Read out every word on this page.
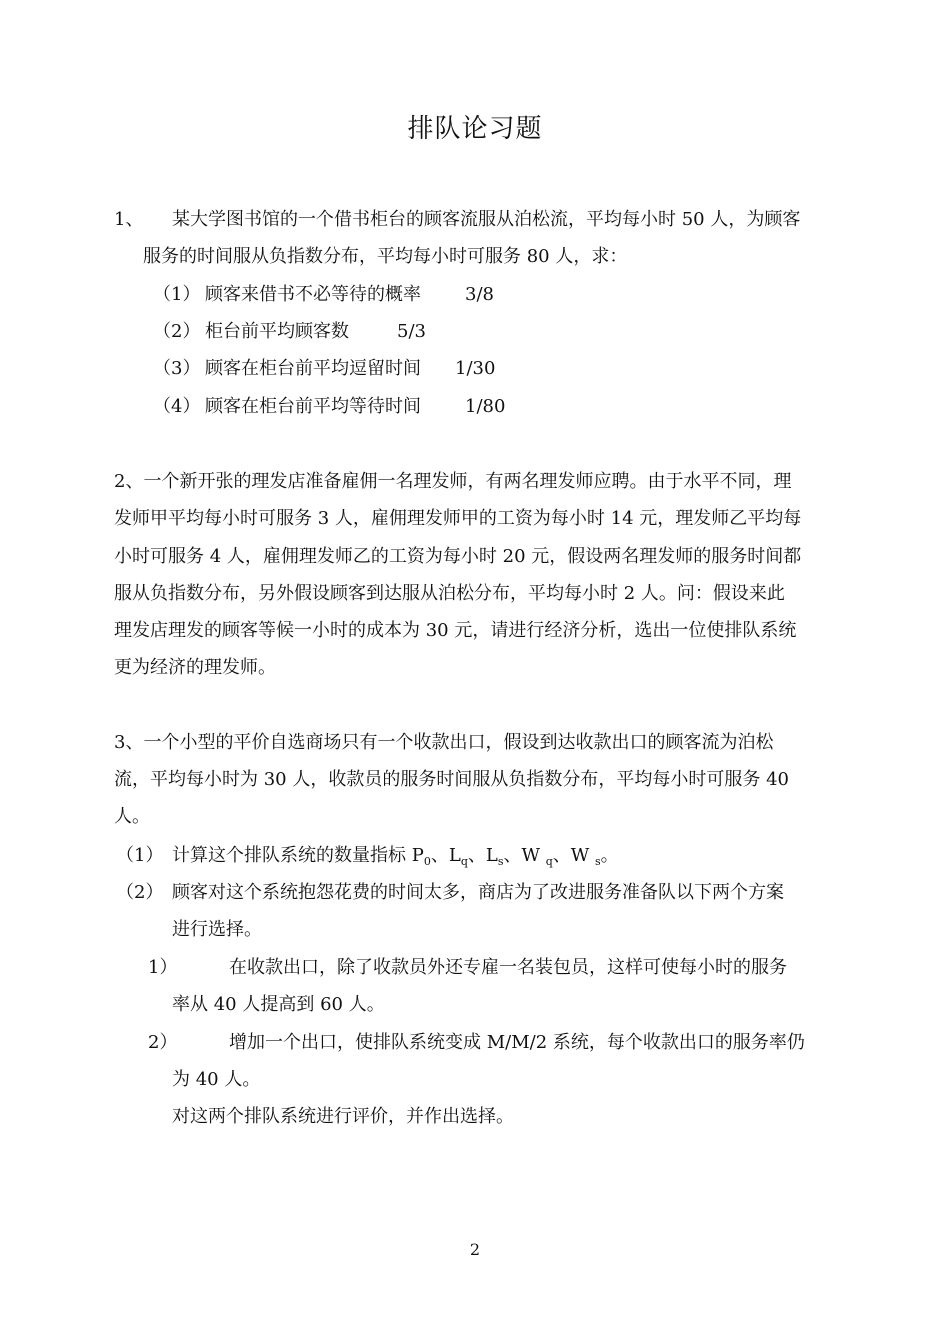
排队论习题
1、 某大学图书馆的一个借书柜台的顾客流服从泊松流，平均每小时 50 人，为顾客
服务的时间服从负指数分布，平均每小时可服务 80 人，求：
（1） 顾客来借书不必等待的概率 3/8
（2） 柜台前平均顾客数	5/3
（3） 顾客在柜台前平均逗留时间 1/30
（4） 顾客在柜台前平均等待时间 1/80
2、一个新开张的理发店准备雇佣一名理发师，有两名理发师应聘。由于水平不同，理
发师甲平均每小时可服务 3 人，雇佣理发师甲的工资为每小时 14 元，理发师乙平均每
小时可服务 4 人，雇佣理发师乙的工资为每小时 20 元，假设两名理发师的服务时间都
服从负指数分布，另外假设顾客到达服从泊松分布，平均每小时 2 人。问：假设来此
理发店理发的顾客等候一小时的成本为 30 元，请进行经济分析，选出一位使排队系统
更为经济的理发师。
3、一个小型的平价自选商场只有一个收款出口，假设到达收款出口的顾客流为泊松
流，平均每小时为 30 人，收款员的服务时间服从负指数分布，平均每小时可服务 40
人。
（1） 计算这个排队系统的数量指标 $P_0$、$L_q$、$L_s$、W $_q$、W $_s$。
（2） 顾客对这个系统抱怨花费的时间太多，商店为了改进服务准备队以下两个方案
进行选择。
1）	在收款出口，除了收款员外还专雇一名装包员，这样可使每小时的服务
率从 40 人提高到 60 人。
2）	增加一个出口，使排队系统变成 M/M/2 系统，每个收款出口的服务率仍
为 40 人。
对这两个排队系统进行评价，并作出选择。
2
